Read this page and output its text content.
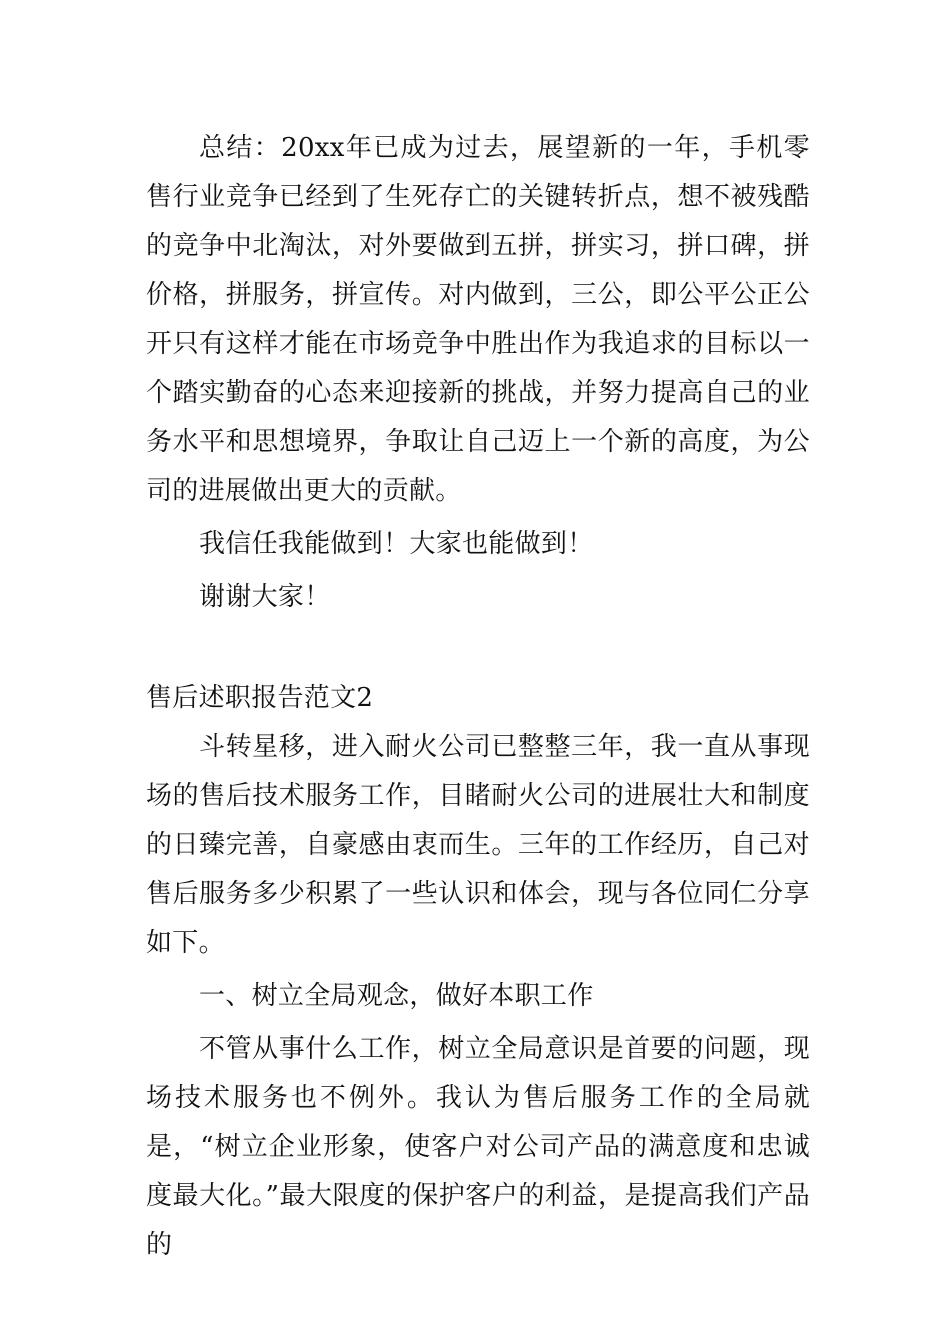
总结：20xx年已成为过去，展望新的一年，手机零售行业竞争已经到了生死存亡的关键转折点，想不被残酷的竞争中北淘汰，对外要做到五拼，拼实习，拼口碑，拼价格，拼服务，拼宣传。对内做到，三公，即公平公正公开只有这样才能在市场竞争中胜出作为我追求的目标以一个踏实勤奋的心态来迎接新的挑战，并努力提高自己的业务水平和思想境界，争取让自己迈上一个新的高度，为公司的进展做出更大的贡献。

我信任我能做到！大家也能做到！

谢谢大家！

售后述职报告范文2

斗转星移，进入耐火公司已整整三年，我一直从事现场的售后技术服务工作，目睹耐火公司的进展壮大和制度的日臻完善，自豪感由衷而生。三年的工作经历，自己对售后服务多少积累了一些认识和体会，现与各位同仁分享如下。

一、树立全局观念，做好本职工作

不管从事什么工作，树立全局意识是首要的问题，现场技术服务也不例外。我认为售后服务工作的全局就是，“树立企业形象，使客户对公司产品的满意度和忠诚度最大化。”最大限度的保护客户的利益，是提高我们产品的
